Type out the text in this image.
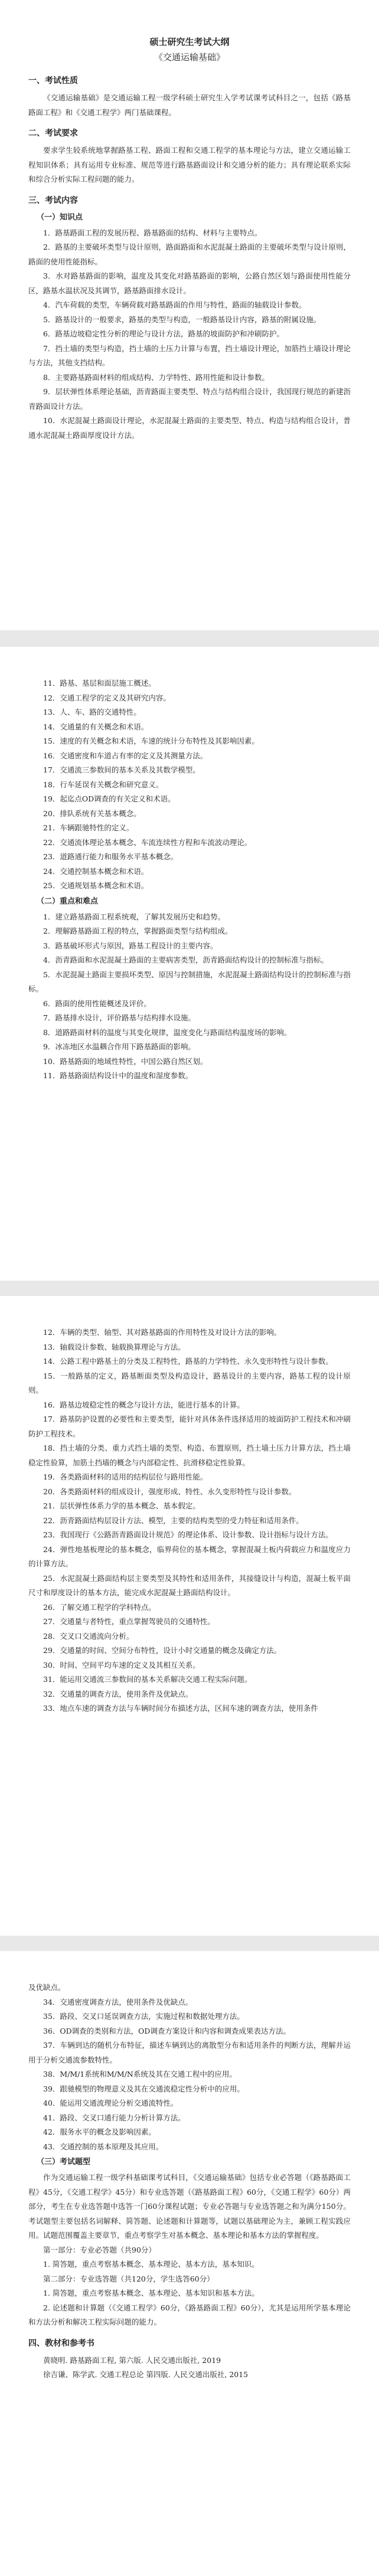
硕士研究生考试大纲
《交通运输基础》
一、考试性质

《交通运输基础》是交通运输工程一级学科硕士研究生入学考试课考试科目之一，包括《路基路面工程》和《交通工程学》两门基础课程。

二、考试要求

要求学生较系统地掌握路基工程、路面工程和交通工程学的基本理论与方法，建立交通运输工程知识体系；具有运用专业标准、规范等进行路基路面设计和交通分析的能力；具有理论联系实际和综合分析实际工程问题的能力。

三、考试内容
（一）知识点

1．路基路面工程的发展历程、路基路面的结构、材料与主要特点。

2．路基的主要破坏类型与设计原则，路面路面和水泥混凝土路面的主要破坏类型与设计原则，路面的使用性能指标。

3．水对路基路面的影响，温度及其变化对路基路面的影响，公路自然区划与路面使用性能分区，路基水温状况及其调节，路基路面排水设计。

4．汽车荷载的类型，车辆荷载对路基路面的作用与特性，路面的轴载设计参数。

5．路基设计的一般要求，路基的类型与构造，一般路基设计内容，路基的附属设施。

6．路基边坡稳定性分析的理论与设计方法，路基的坡面防护和冲刷防护。

7．挡土墙的类型与构造，挡土墙的土压力计算与布置，挡土墙设计理论，加筋挡土墙设计理论与方法，其他支挡结构。

8．主要路基路面材料的组成结构、力学特性、路用性能和设计参数。

9．层状弹性体系理论基础，沥青路面主要类型、特点与结构组合设计，我国现行规范的新建沥青路面设计方法。

10．水泥混凝土路面设计理论，水泥混凝土路面的主要类型、特点、构造与结构组合设计，普通水泥混凝土路面厚度设计方法。

11．路基、基层和面层施工概述。

12．交通工程学的定义及其研究内容。

13．人、车、路的交通特性。

14．交通量的有关概念和术语。

15．速度的有关概念和术语，车速的统计分布特性及其影响因素。

16．交通密度和车道占有率的定义及其测量方法。

17．交通流三参数间的基本关系及其数学模型。

18．行车延误有关概念和研究意义。

19．起迄点OD调查的有关定义和术语。

20．排队系统有关基本概念。

21．车辆跟驰特性的定义。

22．交通流体理论基本概念、车流连续性方程和车流波动理论。

23．道路通行能力和服务水平基本概念。

24．交通控制基本概念和术语。

25．交通规划基本概念和术语。

（二）重点和难点

1．建立路基路面工程系统观，了解其发展历史和趋势。

2．理解路基路面工程的特点，掌握路面类型与结构组成。

3．路基破坏形式与原因，路基工程设计的主要内容。

4．沥青路面和水泥混凝土路面的主要病害类型，沥青路面结构设计的控制标准与指标。

5．水泥混凝土路面主要损坏类型、原因与控制措施，水泥混凝土路面结构设计的控制标准与指标。

6．路面的使用性能概述及评价。

7．路基排水设计，评价路基与结构排水设施。

8．道路路面材料的温度与其变化规律，温度变化与路面结构温度场的影响。

9．冰冻地区水温耦合作用下路基路面的影响。

10．路基路面的地域性特性，中国公路自然区划。

11．路基路面结构设计中的温度和湿度参数。

12．车辆的类型、轴型、其对路基路面的作用特性及对设计方法的影响。

13．轴载设计参数、轴载换算理论与方法。

14．公路工程中路基土的分类及工程特性，路基的力学特性、永久变形特性与设计参数。

15．一般路基的定义，路基断面类型及构造设计，路基设计的主要内容，路基工程的设计原则。

16．路基边坡稳定性的概念与设计方法，能进行基本的计算。

17．路基防护设置的必要性和主要类型，能针对具体条件选择适用的坡面防护工程技术和冲刷防护工程技术。

18．挡土墙的分类、重力式挡土墙的类型、构造、布置原则，挡土墙土压力计算方法，挡土墙稳定性验算，加筋土挡墙的概念与内部稳定性、抗滑移稳定性验算。

19．各类路面材料的适用的结构层位与路用性能。

20．各类路面材料的组成设计，强度形成、特性、永久变形特性与设计参数。

21．层状弹性体系力学的基本概念、基本假定。

22．沥青路面结构层设计方法、模型，主要的结构类型的受力特征和适用条件。

23．我国现行《公路沥青路面设计规范》的理论体系、设计参数、设计指标与设计方法。

24．弹性地基板理论的基本概念，临界荷位的基本概念，掌握混凝土板内荷载应力和温度应力的计算方法。

25．水泥混凝土路面结构层主要类型及其特性和适用条件，其接缝设计与构造，混凝土板平面尺寸和厚度设计的基本方法，能完成水泥混凝土路面结构设计。

26．了解交通工程学的学科特点。

27．交通量与者特性，重点掌握驾驶员的交通特性。

28．交叉口交通流向分析。

29．交通量的时间、空间分布特性，设计小时交通量的概念及确定方法。

30．时间、空间平均车速的定义及其相互关系。

31．能运用交通流三参数间的基本关系解决交通工程实际问题。

32．交通量的调查方法，使用条件及优缺点。

33．地点车速的调查方法与车辆时间分布描述方法，区间车速的调查方法，使用条件

及优缺点。

34．交通密度调查方法，使用条件及优缺点。

35．路段、交叉口延误调查方法，实施过程和数据处理方法。

36．OD调查的类别和方法，OD调查方案设计和内容和调查成果表达方法。

37．车辆到达的随机分布特征，描述车辆到达的离散型分布和适用条件的判断方法，理解并运用于分析交通流参数特性。

38．M/M/1系统和M/M/N系统及其在交通工程中的应用。

39．跟驰模型的物理意义及其在交通流稳定性分析中的应用。

40．能运用交通流理论分析交通流特性。

41．路段、交叉口通行能力分析计算方法。

42．服务水平的概念及影响因素。

43．交通控制的基本原理及其应用。

（三）考试题型

作为交通运输工程一级学科基础课考试科目，《交通运输基础》包括专业必答题（《路基路面工程》45分，《交通工程学》45分）和专业选答题（《路基路面工程》60分，《交通工程学》60分）两部分，考生在专业选答题中选答一门60分课程试题；专业必答题与专业选答题之和为满分150分。考试题型主要包括名词解释、简答题、论述题和计算题等，试题以基础理论为主，兼顾工程实践应用。试题范围覆盖主要章节，重点考察学生对基本概念、基本理论和基本方法的掌握程度。

第一部分：专业必答题（共90分）

1. 简答题，重点考察基本概念、基本理论、基本方法，基本知识。

第二部分：专业选答题（共120分，学生选答60分）

1. 简答题，重点考察基本概念、基本理论、基本知识和基本方法。

2. 论述题和计算题（《交通工程学》60分，《路基路面工程》60分），尤其是运用所学基本理论和方法分析和解决工程实际问题的能力。

四、教材和参考书

黄晓明. 路基路面工程, 第六版. 人民交通出版社, 2019

徐吉谦、陈学武. 交通工程总论 第四版. 人民交通出版社, 2015
